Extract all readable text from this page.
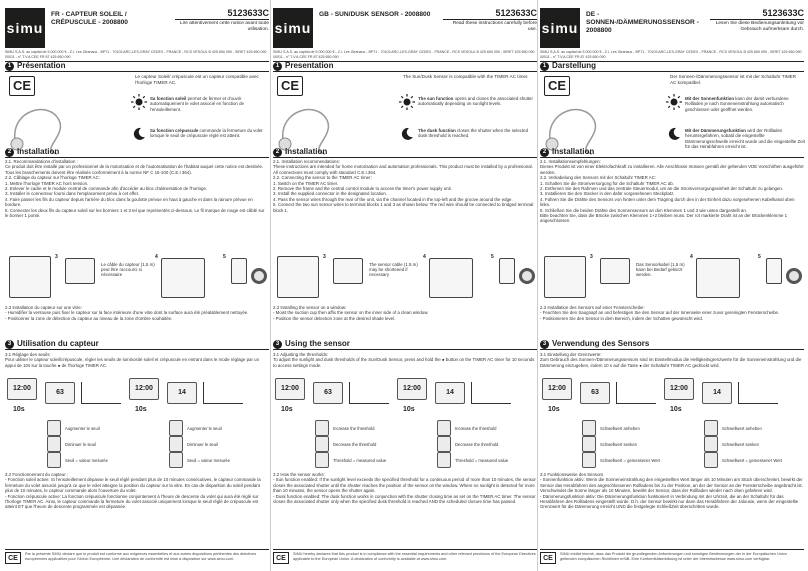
simu
FR - CAPTEUR SOLEIL / CRÉPUSCULE - 2008800
5123633C
Lire attentivement cette notice avant toute utilisation.
SIMU S.A.S. au capital de 5 000 000 € - Z.I. Les Giranaux - BP71 - 70103 ARC-LES-GRAY CEDEX - FRANCE - RCS VESOUL B 425 650 090 - SIRET 425 650 090 00011 - n° T.V.A CEE FR 87 425 650 090
1 Présentation
CE
Le capteur Soleil/ crépuscule est un capteur compatible avec l'horloge TIMER AC.
Sa fonction soleil permet de fermer et d'ouvrir automatiquement le volet associé en fonction de l'ensoleillement.
Sa fonction crépuscule commande la fermeture du volet lorsque le seuil de crépuscule réglé est atteint.
2 Installation
2.1. Recommandations d'installation :
Ce produit doit être installé par un professionnel de la motorisation et de l'automatisation de l'habitat auquel cette notice est destinée. Tous les branchements doivent être réalisés conformément à la norme NF C 15-100 (C.E.I 364).
2.2. Câblage du capteur sur l'horloge TIMER AC:
1. Mettre l'horloge TIMER AC hors tension.
2. Enlever le cadre et le module central de commande afin d'accéder au bloc d'alimentation de l'horloge.
3. Installer le connecteur fourni dans l'emplacement prévu à cet effet.
4. Faire passer les fils du capteur depuis l'arrière du bloc dans la goulotte prévue en haut à gauche et dans la rainure prévue en bordure.
5. Connecter les deux fils du capteur soleil sur les borniers 1 et 3 tel que représentés ci-dessous. Le fil marque de rouge est câblé sur le bornier 1 ponté.
3	4	5
Le câble du capteur (1,5 m) peut être raccourci si nécessaire
2.3 Installation du capteur sur une vitre:
- Humidifier la ventouse puis fixer le capteur sur la face intérieure d'une vitre dont la surface aura été préalablement nettoyée.
- Positionner la zone de détection du capteur au niveau de la zone d'ombre souhaitée.
3 Utilisation du capteur
3.1 Réglage des seuils:
Pour utiliser le capteur soleil/crépuscule, régler les seuils de luminosité soleil et crépuscule en entrant dans le mode réglage par un appui de 10s sur la touche ● de l'horloge TIMER AC.
12:00
10s
63
12:00
10s
14
Augmenter le seuil
Diminuer le seuil
Seuil = valeur mesurée
Augmenter le seuil
Diminuer le seuil
Seuil = valeur mesurée
3.2 Fonctionnement du capteur :
- Fonction soleil active: Si l'ensoleillement dépasse le seuil réglé pendant plus de 10 minutes consécutives, le capteur commande la fermeture du volet associé jusqu'à ce que le volet atteigne la position du capteur sur la vitre. En cas de disparition du soleil pendant plus de 10 minutes, le capteur commande alors l'ouverture du volet.
- Fonction crépuscule active: La fonction crépuscule fonctionne conjointement à l'heure de descente du volet qui aura été réglé sur l'horloge TIMER AC. Ainsi, le capteur commande la fermeture du volet associé uniquement lorsque le seuil réglé de crépuscule est atteint ET que l'heure de descente programmée est dépassée.
CE
Par la présente SIMU déclare que le produit est conforme aux exigences essentielles et aux autres dispositions pertinentes des directives européennes applicables pour l'Union Européenne. Une déclaration de conformité est mise à disposition sur www.simu.com.
simu
GB - SUN/DUSK SENSOR - 2008800	5123633C
Read these instructions carefully before use.
SIMU S.A.S. au capital de 5 000 000 € - Z.I. Les Giranaux - BP71 - 70103 ARC-LES-GRAY CEDEX - FRANCE - RCS VESOUL B 425 650 090 - SIRET 425 650 090 00011 - n° T.V.A CEE FR 87 425 650 090
1 Presentation
CE
The Sun/Dusk Sensor is compatible with the TIMER AC timer.
The sun function opens and closes the associated shutter automatically depending on sunlight levels.
The dusk function closes the shutter when the selected dusk threshold is reached.
2 Installation
2.1. Installation recommendations:
These instructions are intended for home motorisation and automation professionals. This product must be installed by a professional. All connections must comply with standard C.E.I.364.
2.2. Connecting the sensor to the TIMER AC timer:
1. Switch on the TIMER AC timer.
2. Remove the frame and the central control module to access the timer's power supply unit.
3. Install the supplied connector in the designated location.
4. Pass the sensor wires through the rear of the unit, via the channel located in the top-left and the groove around the edge.
5. Connect the two sun sensor wires to terminal blocks 1 and 3 as shown below. The red wire should be connected to bridged terminal block 1.
3	4	5
The sensor cable (1.5 m) may be shortened if necessary
2.3 Installing the sensor on a window:
- Moist the suction cup then affix the sensor on the inner side of a clean window.
- Position the sensor detection zone at the desired shade level.
3 Using the sensor
3.1 Adjusting the thresholds:
To adjust the sunlight and dusk thresholds of the Sun/Dusk Sensor, press and hold the ● button on the TIMER AC timer for 10 seconds to access settings mode.
12:00
10s
63
12:00
10s
14
Increase the threshold
Decrease the threshold
Threshold = measured value
Increase the threshold
Decrease the threshold
Threshold = measured value
3.2 How the sensor works:
- Sun function enabled: If the sunlight level exceeds the specified threshold for a continuous period of more than 10 minutes, the sensor closes the associated shutter until the shutter reaches the position of the sensor on the window. Where no sunlight is detected for more than 10 minutes, the sensor opens the shutter again.
- Dusk function enabled: The dusk function works in conjunction with the shutter closing time as set on the TIMER AC timer. The sensor closes the associated shutter only when the specified dusk threshold is reached AND the scheduled closure time has passed.
CE
SIMU hereby declares that this product is in compliance with the essential requirements and other relevant provisions of the European Directives applicable to the European Union. A declaration of conformity is available at www.simu.com.
simu
DE - SONNEN-/DÄMMERUNGSSENSOR - 2008800
5123633C
Lesen Sie diese Bedienungsanleitung vor Gebrauch aufmerksam durch.
SIMU S.A.S. au capital de 5 000 000 € - Z.I. Les Giranaux - BP71 - 70103 ARC-LES-GRAY CEDEX - FRANCE - RCS VESOUL B 425 650 090 - SIRET 425 650 090 00011 - n° T.V.A CEE FR 87 425 650 090
1 Darstellung
CE
Der Sonnen-/Dämmerungssensor ist mit der Schaltuhr TIMER AC kompatibel.
Mit der Sonnenfunktion kann der damit verbundene Rollladen je nach Sonneneinstrahlung automatisch geschlossen oder geöffnet werden.
Mit der Dämmerungsfunktion wird der Rollladen heruntergefahren, sobald die eingestellte Dämmerungsschwelle erreicht wurde und die eingestellte Zeit für das Herabfahren erreicht ist.
2 Installation
2.1. Installationsempfehlungen:
Dieses Produkt ist von einer Elektrofachkraft zu installieren. Alle Anschlüsse müssen gemäß der geltenden VDE Vorschriften ausgeführt werden.
2.2. Verkabelung des Sensors mit der Schaltuhr TIMER AC:
1. Schalten Sie die Stromversorgung für die Schaltuhr TIMER AC ab.
2. Entfernen Sie den Rahmen und das zentrale Steuermodul, um an die Stromversorgungseinheit der Schaltuhr zu gelangen.
3. Installieren Sie den Stecker in den dafür vorgesehenen Steckplatz.
4. Führen Sie die Drähte des Sensors von hinten unter dem Tragring durch den in der Einheit dazu vorgesehenen Kabelkanal oben links.
5. Schließen Sie die beiden Drähte des Sonnensensors an den Klemmen 1 und 3 wie unten dargestellt an.
Bitte beachten Sie, dass die Brücke zwischen Klemmen 1+2 bleiben muss. Der rot markierte Draht ist an der Brückenklemme 1 angeschlossen.
3	4	5
Das Sensorkabel (1,5 m) kann bei Bedarf gekürzt werden.
2.3 Installation des Sensors auf einer Fensterscheibe:
- Feuchten Sie den Saugnapf an und befestigen Sie den Sensor auf der Innenseite einer zuvor gereinigten Fensterscheibe.
- Positionieren Sie den Sensor in dem Bereich, indem der Schatten gewünscht wird.
3 Verwendung des Sensors
3.1 Einstellung der Grenzwerte:
Zum Gebrauch des Sonnen-/Dämmerungssensors sind im Einstellmodus die Helligkeitsgrenzwerte für die Sonneneinstrahlung und die Dämmerung einzugeben, indem 10 s auf die Taste ● der Schaltuhr TIMER AC gedrückt wird.
12:00
10s
63
12:00
10s
14
Schwellwert anheben
Schwellwert senken
Schwellwert = gemessener Wert
Schwellwert anheben
Schwellwert senken
Schwellwert = gemessener Wert
3.2 Funktionsweise des Sensors
- Sonnenfunktion aktiv: Wenn die Sonneneinstrahlung den eingestellten Wert länger als 10 Minuten am Stück überschreitet, bewirkt der Sensor das Herabfahren des angeschlossenen Rollladens bis zu der Position, an der der Sensor an der Fensterscheibe angebracht ist. Verschwindet die Sonne länger als 10 Minuten, bewirkt der Sensor, dass der Rollladen wieder nach oben gefahren wird.
- Dämmerungsfunktion aktiv: Die Dämmerungsfunktion funktioniert in Verbindung mit der Uhrzeit, die an der Schaltuhr für das Herabfahren des Rollladens eingestellt wurde. D.h. der Sensor bewirkt nur dann das Herabfahren der Jalousie, wenn der eingestellte Grenzwert für die Dämmerung erreicht UND die festgelegte SchließZeit überschritten wurde.
CE
SIMU erklärt hiermit, dass das Produkt die grundlegenden Anforderungen und sonstigen Bestimmungen der in der Europäischen Union geltenden europäischen Richtlinien erfüllt. Eine Konformitätserklärung ist unter der Internetadresse www.simu.com verfügbar.
